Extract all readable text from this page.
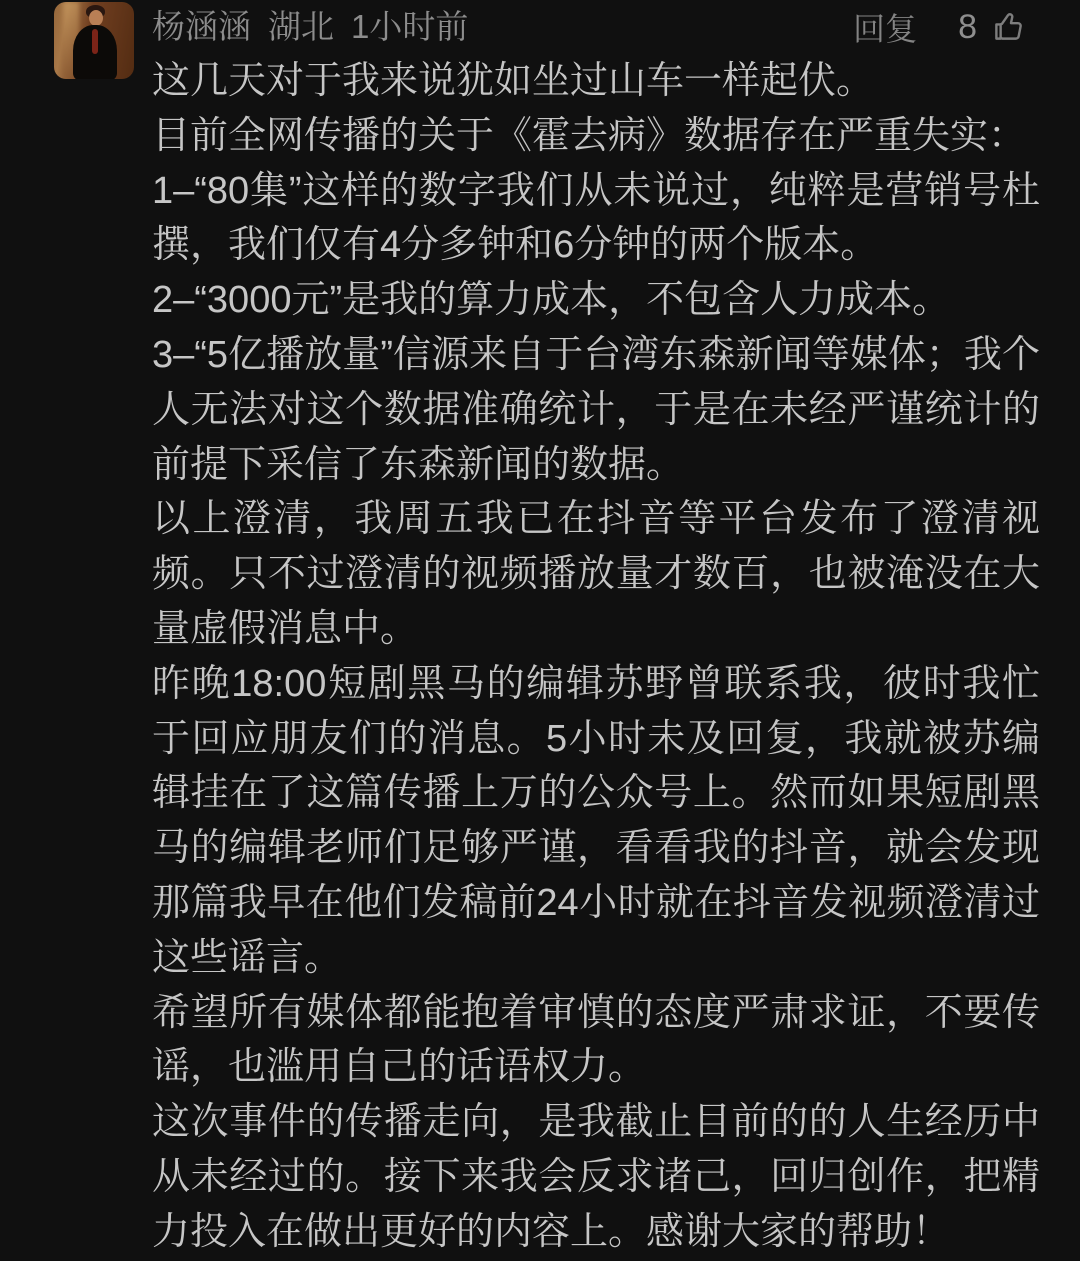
杨涵涵 湖北 1小时前	回复 8
这几天对于我来说犹如坐过山车一样起伏。
目前全网传播的关于《霍去病》数据存在严重失实：
1–“80集”这样的数字我们从未说过，纯粹是营销号杜撰，我们仅有4分多钟和6分钟的两个版本。
2–“3000元”是我的算力成本，不包含人力成本。
3–“5亿播放量”信源来自于台湾东森新闻等媒体；我个人无法对这个数据准确统计，于是在未经严谨统计的前提下采信了东森新闻的数据。
以上澄清，我周五我已在抖音等平台发布了澄清视频。只不过澄清的视频播放量才数百，也被淹没在大量虚假消息中。
昨晚18:00短剧黑马的编辑苏野曾联系我，彼时我忙于回应朋友们的消息。5小时未及回复，我就被苏编辑挂在了这篇传播上万的公众号上。然而如果短剧黑马的编辑老师们足够严谨，看看我的抖音，就会发现那篇我早在他们发稿前24小时就在抖音发视频澄清过这些谣言。
希望所有媒体都能抱着审慎的态度严肃求证，不要传谣，也滥用自己的话语权力。
这次事件的传播走向，是我截止目前的的人生经历中从未经过的。接下来我会反求诸己，回归创作，把精力投入在做出更好的内容上。感谢大家的帮助！
